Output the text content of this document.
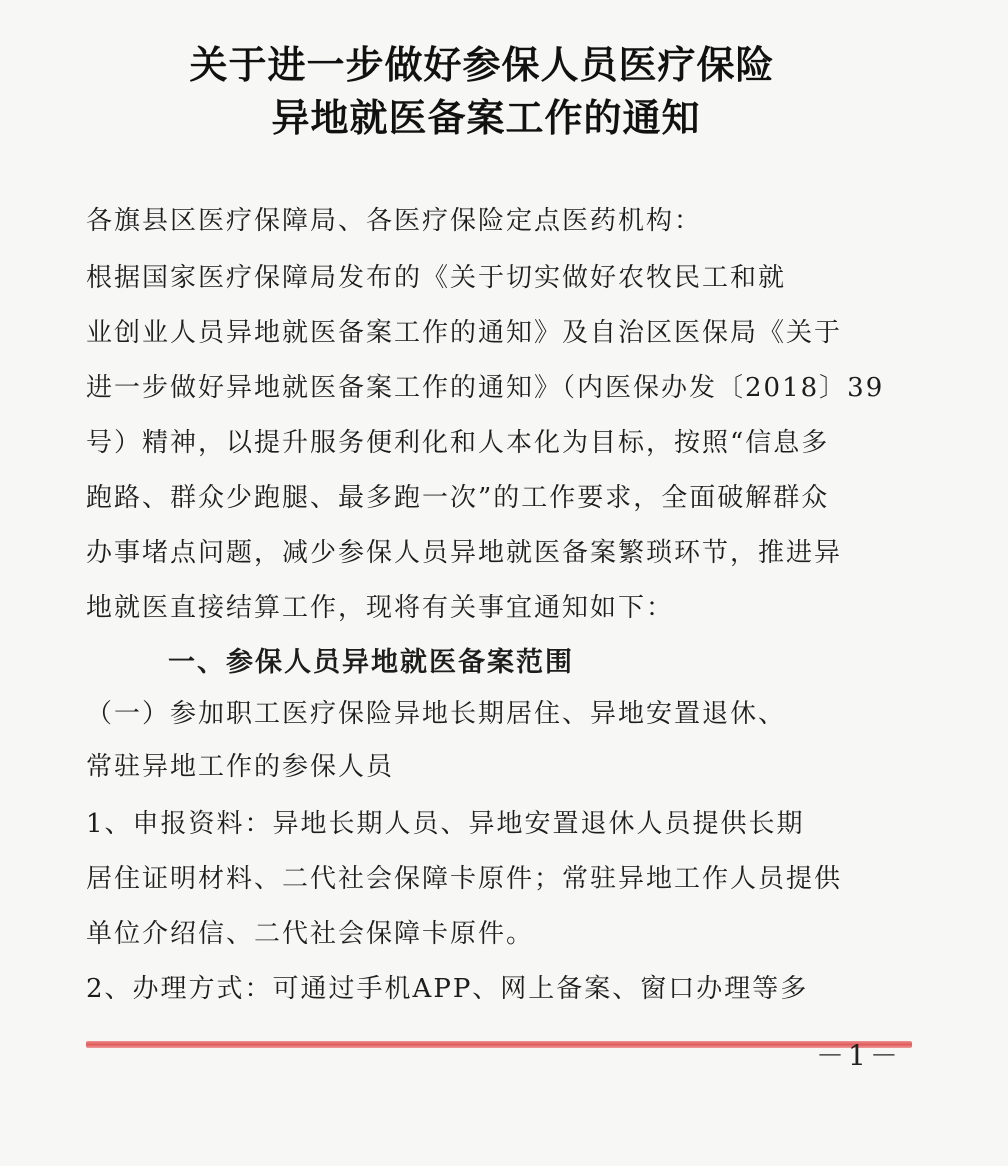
关于进一步做好参保人员医疗保险
异地就医备案工作的通知
各旗县区医疗保障局、各医疗保险定点医药机构：
根据国家医疗保障局发布的《关于切实做好农牧民工和就
业创业人员异地就医备案工作的通知》及自治区医保局《关于
进一步做好异地就医备案工作的通知》（内医保办发〔2018〕39
号）精神，以提升服务便利化和人本化为目标，按照“信息多
跑路、群众少跑腿、最多跑一次”的工作要求，全面破解群众
办事堵点问题，减少参保人员异地就医备案繁琐环节，推进异
地就医直接结算工作，现将有关事宜通知如下：
一、参保人员异地就医备案范围
（一）参加职工医疗保险异地长期居住、异地安置退休、
常驻异地工作的参保人员
1、申报资料：异地长期人员、异地安置退休人员提供长期
居住证明材料、二代社会保障卡原件；常驻异地工作人员提供
单位介绍信、二代社会保障卡原件。
2、办理方式：可通过手机APP、网上备案、窗口办理等多
－1－
